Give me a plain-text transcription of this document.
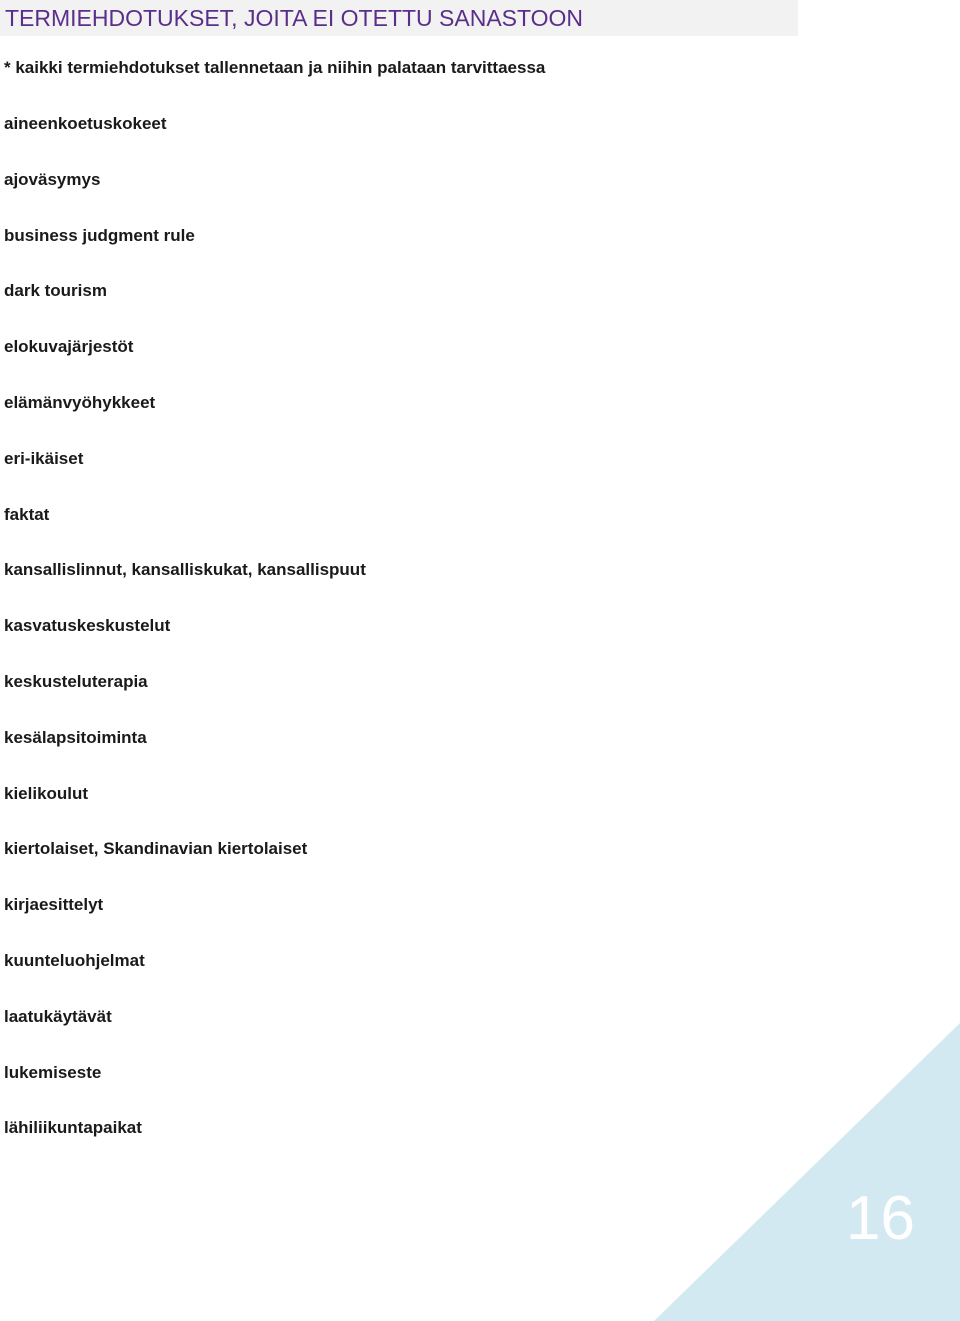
TERMIEHDOTUKSET, JOITA EI OTETTU SANASTOON

* kaikki termiehdotukset tallennetaan ja niihin palataan tarvittaessa

aineenkoetuskokeet
ajoväsymys
business judgment rule
dark tourism
elokuvajärjestöt
elämänvyöhykkeet
eri-ikäiset
faktat
kansallislinnut, kansalliskukat, kansallispuut
kasvatuskeskustelut
keskusteluterapia
kesälapsitoiminta
kielikoulut
kiertolaiset, Skandinavian kiertolaiset
kirjaesittelyt
kuunteluohjelmat
laatukäytävät
lukemiseste
lähiliikuntapaikat
16
